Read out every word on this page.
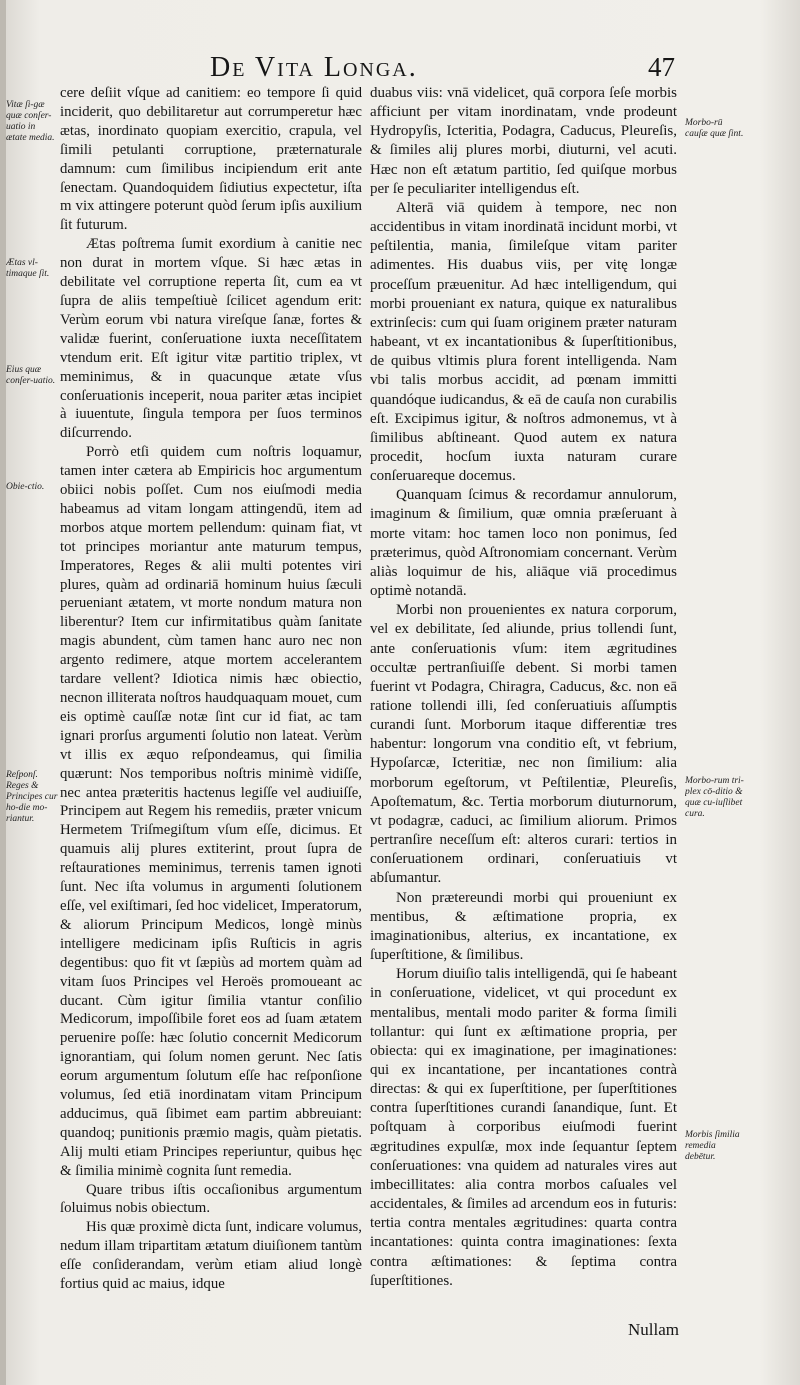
De Vita Longa.	47
Vitæ ſi-gæ quæ conſer-uatio in ætate media.
Ætas vl-timaque ſit.
Eius quæ conſer-uatio.
Obie-ctio.
Reſponſ. Reges & Principes cur ho-die mo-riantur.
Morbo-rū cauſæ quæ ſint.
Morbo-rum tri-plex cō-ditio & quæ cu-iuſlibet cura.
Morbis ſimilia remedia debētur.

cere deſiit vſque ad canitiem: eo tempore ſi quid inciderit, quo debilitaretur aut corrumperetur hæc ætas, inordinato quopiam exercitio, crapula, vel ſimili petulanti corruptione, præternaturale damnum: cum ſimilibus incipiendum erit ante ſenectam. Quandoquidem ſidiutius expectetur, iſta m vix attingere poterunt quòd ſerum ipſis auxilium ſit futurum.

Ætas poſtrema ſumit exordium à canitie nec non durat in mortem vſque. Si hæc ætas in debilitate vel corruptione reperta ſit, cum ea vt ſupra de aliis tempeſtiuè ſcilicet agendum erit: Verùm eorum vbi natura vireſque ſanæ, fortes & validæ fuerint, conſeruatione iuxta neceſſitatem vtendum erit. Eſt igitur vitæ partitio triplex, vt meminimus, & in quacunque ætate vſus conſeruationis inceperit, noua pariter ætas incipiet à iuuentute, ſingula tempora per ſuos terminos diſcurrendo.

Porrò etſi quidem cum noſtris loquamur, tamen inter cætera ab Empiricis hoc argumentum obiici nobis poſſet. Cum nos eiuſmodi media habeamus ad vitam longam attingendū, item ad morbos atque mortem pellendum: quinam fiat, vt tot principes moriantur ante maturum tempus, Imperatores, Reges & alii multi potentes viri plures, quàm ad ordinariā hominum huius ſæculi perueniant ætatem, vt morte nondum matura non liberentur? Item cur infirmitatibus quàm ſanitate magis abundent, cùm tamen hanc auro nec non argento redimere, atque mortem accelerantem tardare vellent? Idiotica nimis hæc obiectio, necnon illiterata noſtros haudquaquam mouet, cum eis optimè cauſſæ notæ ſint cur id fiat, ac tam ignari prorſus argumenti ſolutio non lateat. Verùm vt illis ex æquo reſpondeamus, qui ſimilia quærunt: Nos temporibus noſtris minimè vidiſſe, nec antea præteritis hactenus legiſſe vel audiuiſſe, Principem aut Regem his remediis, præter vnicum Hermetem Triſmegiſtum vſum eſſe, dicimus. Et quamuis alij plures extiterint, prout ſupra de reſtaurationes meminimus, terrenis tamen ignoti ſunt. Nec iſta volumus in argumenti ſolutionem eſſe, vel exiſtimari, ſed hoc videlicet, Imperatorum, & aliorum Principum Medicos, longè minùs intelligere medicinam ipſis Ruſticis in agris degentibus: quo fit vt ſæpiùs ad mortem quàm ad vitam ſuos Principes vel Heroës promoueant ac ducant. Cùm igitur ſimilia vtantur conſilio Medicorum, impoſſibile foret eos ad ſuam ætatem peruenire poſſe: hæc ſolutio concernit Medicorum ignorantiam, qui ſolum nomen gerunt. Nec ſatis eorum argumentum ſolutum eſſe hac reſponſione volumus, ſed etiā inordinatam vitam Principum adducimus, quā ſibimet eam partim abbreuiant: quandoq; punitionis præmio magis, quàm pietatis. Alij multi etiam Principes reperiuntur, quibus hęc & ſimilia minimè cognita ſunt remedia.

Quare tribus iſtis occaſionibus argumentum ſoluimus nobis obiectum.

His quæ proximè dicta ſunt, indicare volumus, nedum illam tripartitam ætatum diuiſionem tantùm eſſe conſiderandam, verùm etiam aliud longè fortius quid ac maius, idque

duabus viis: vnā videlicet, quā corpora ſeſe morbis afficiunt per vitam inordinatam, vnde prodeunt Hydropyſis, Icteritia, Podagra, Caducus, Pleureſis, & ſimiles alij plures morbi, diuturni, vel acuti. Hæc non eſt ætatum partitio, ſed quiſque morbus per ſe peculiariter intelligendus eſt.

Alterā viā quidem à tempore, nec non accidentibus in vitam inordinatā incidunt morbi, vt peſtilentia, mania, ſimileſque vitam pariter adimentes. His duabus viis, per vitę longæ proceſſum præuenitur. Ad hæc intelligendum, qui morbi proueniant ex natura, quique ex naturalibus extrinſecis: cum qui ſuam originem præter naturam habeant, vt ex incantationibus & ſuperſtitionibus, de quibus vltimis plura forent intelligenda. Nam vbi talis morbus accidit, ad pœnam immitti quandóque iudicandus, & eā de cauſa non curabilis eſt. Excipimus igitur, & noſtros admonemus, vt à ſimilibus abſtineant. Quod autem ex natura procedit, hocſum iuxta naturam curare conſeruareque docemus.

Quanquam ſcimus & recordamur annulorum, imaginum & ſimilium, quæ omnia præſeruant à morte vitam: hoc tamen loco non ponimus, ſed præterimus, quòd Aſtronomiam concernant. Verùm aliàs loquimur de his, aliāque viā procedimus optimè notandā.

Morbi non prouenientes ex natura corporum, vel ex debilitate, ſed aliunde, prius tollendi ſunt, ante conſeruationis vſum: item ægritudines occultæ pertranſiuiſſe debent. Si morbi tamen fuerint vt Podagra, Chiragra, Caducus, &c. non eā ratione tollendi illi, ſed conſeruatiuis aſſumptis curandi ſunt. Morborum itaque differentiæ tres habentur: longorum vna conditio eſt, vt febrium, Hypoſarcæ, Icteritiæ, nec non ſimilium: alia morborum egeſtorum, vt Peſtilentiæ, Pleureſis, Apoſtematum, &c. Tertia morborum diuturnorum, vt podagræ, caduci, ac ſimilium aliorum. Primos pertranſire neceſſum eſt: alteros curari: tertios in conſeruationem ordinari, conſeruatiuis vt abſumantur.

Non prætereundi morbi qui proueniunt ex mentibus, & æſtimatione propria, ex imaginationibus, alterius, ex incantatione, ex ſuperſtitione, & ſimilibus.

Horum diuiſio talis intelligendā, qui ſe habeant in conſeruatione, videlicet, vt qui procedunt ex mentalibus, mentali modo pariter & forma ſimili tollantur: qui ſunt ex æſtimatione propria, per obiecta: qui ex imaginatione, per imaginationes: qui ex incantatione, per incantationes contrà directas: & qui ex ſuperſtitione, per ſuperſtitiones contra ſuperſtitiones curandi ſanandique, ſunt. Et poſtquam à corporibus eiuſmodi fuerint ægritudines expulſæ, mox inde ſequantur ſeptem conſeruationes: vna quidem ad naturales vires aut imbecillitates: alia contra morbos caſuales vel accidentales, & ſimiles ad arcendum eos in futuris: tertia contra mentales ægritudines: quarta contra incantationes: quinta contra imaginationes: ſexta contra æſtimationes: & ſeptima contra ſuperſtitiones.

Nullam
